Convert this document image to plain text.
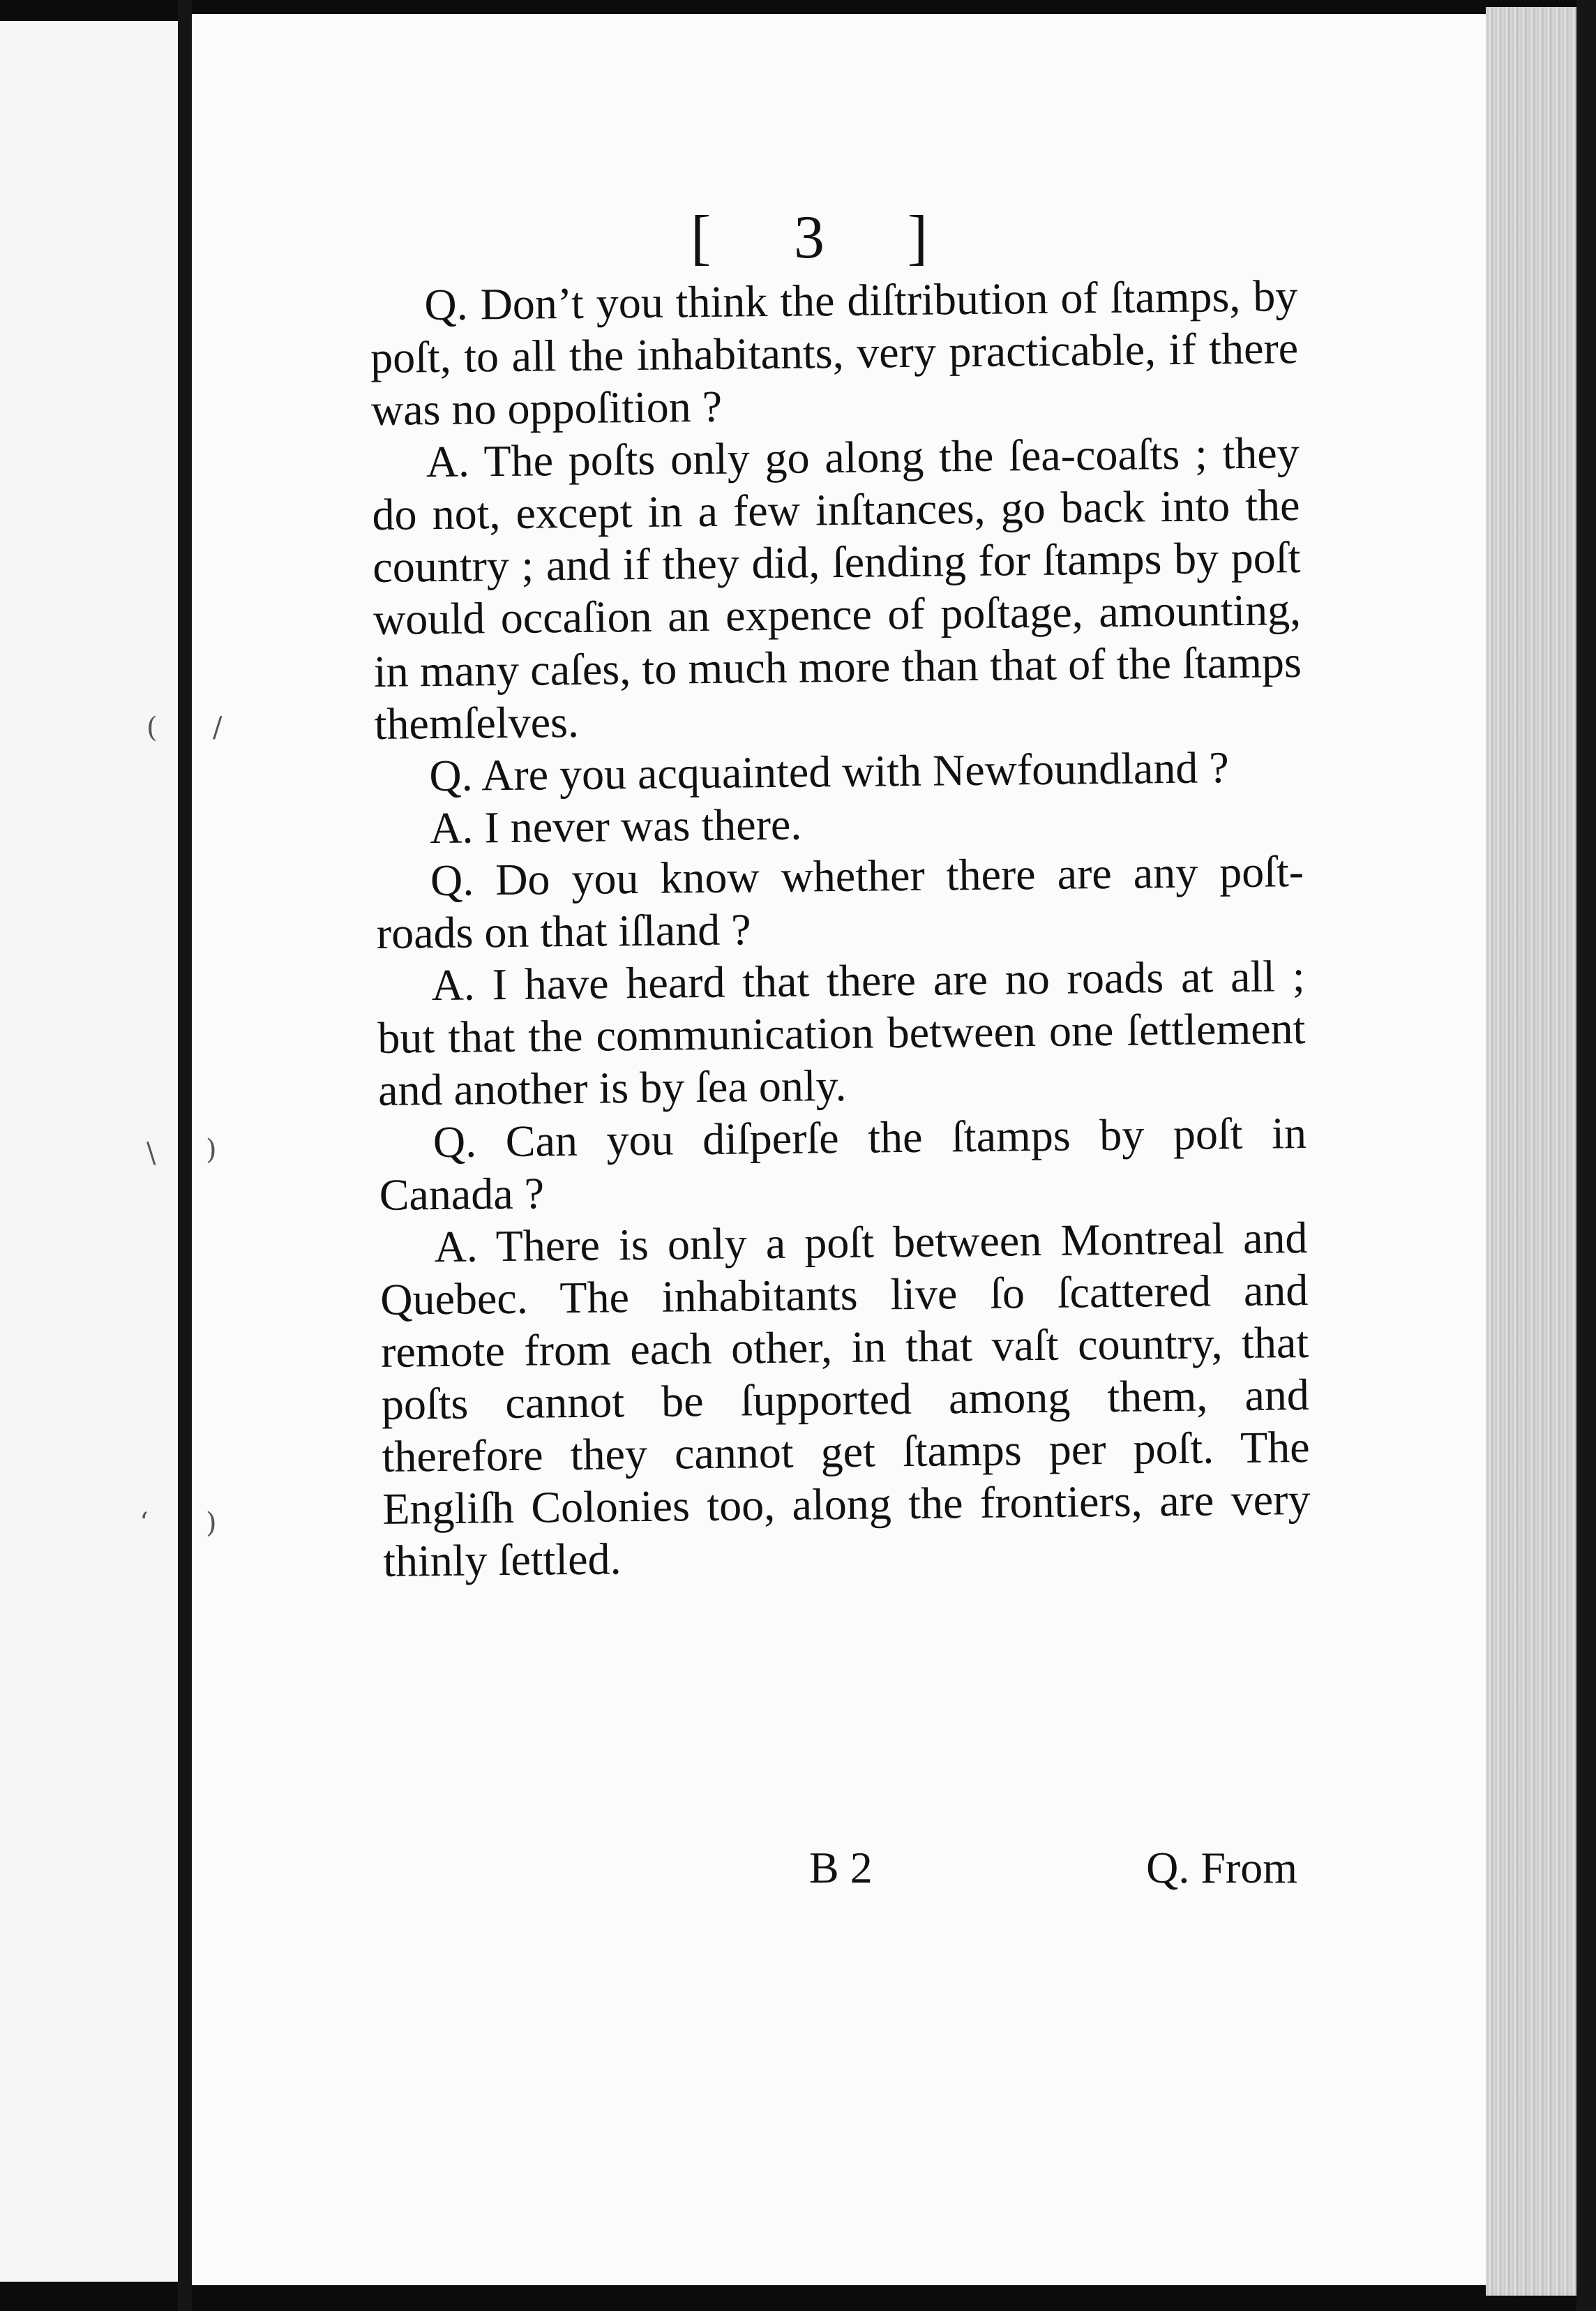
( /
\ )
‘ )
[ 3 ]

Q. Don’t you think the diſtribution of ſtamps, by poſt, to all the inhabitants, very practicable, if there was no oppoſition ?

A. The poſts only go along the ſea-coaſts ; they do not, except in a few inſtances, go back into the country ; and if they did, ſending for ſtamps by poſt would occaſion an expence of poſtage, amounting, in many caſes, to much more than that of the ſtamps themſelves.

Q. Are you acquainted with Newfoundland ?

A. I never was there.

Q. Do you know whether there are any poſt-roads on that iſland ?

A. I have heard that there are no roads at all ; but that the communication between one ſettlement and another is by ſea only.

Q. Can you diſperſe the ſtamps by poſt in Canada ?

A. There is only a poſt between Montreal and Quebec. The inhabitants live ſo ſcattered and remote from each other, in that vaſt country, that poſts cannot be ſupported among them, and therefore they cannot get ſtamps per poſt. The Engliſh Colonies too, along the frontiers, are very thinly ſettled.

B 2	Q. From
